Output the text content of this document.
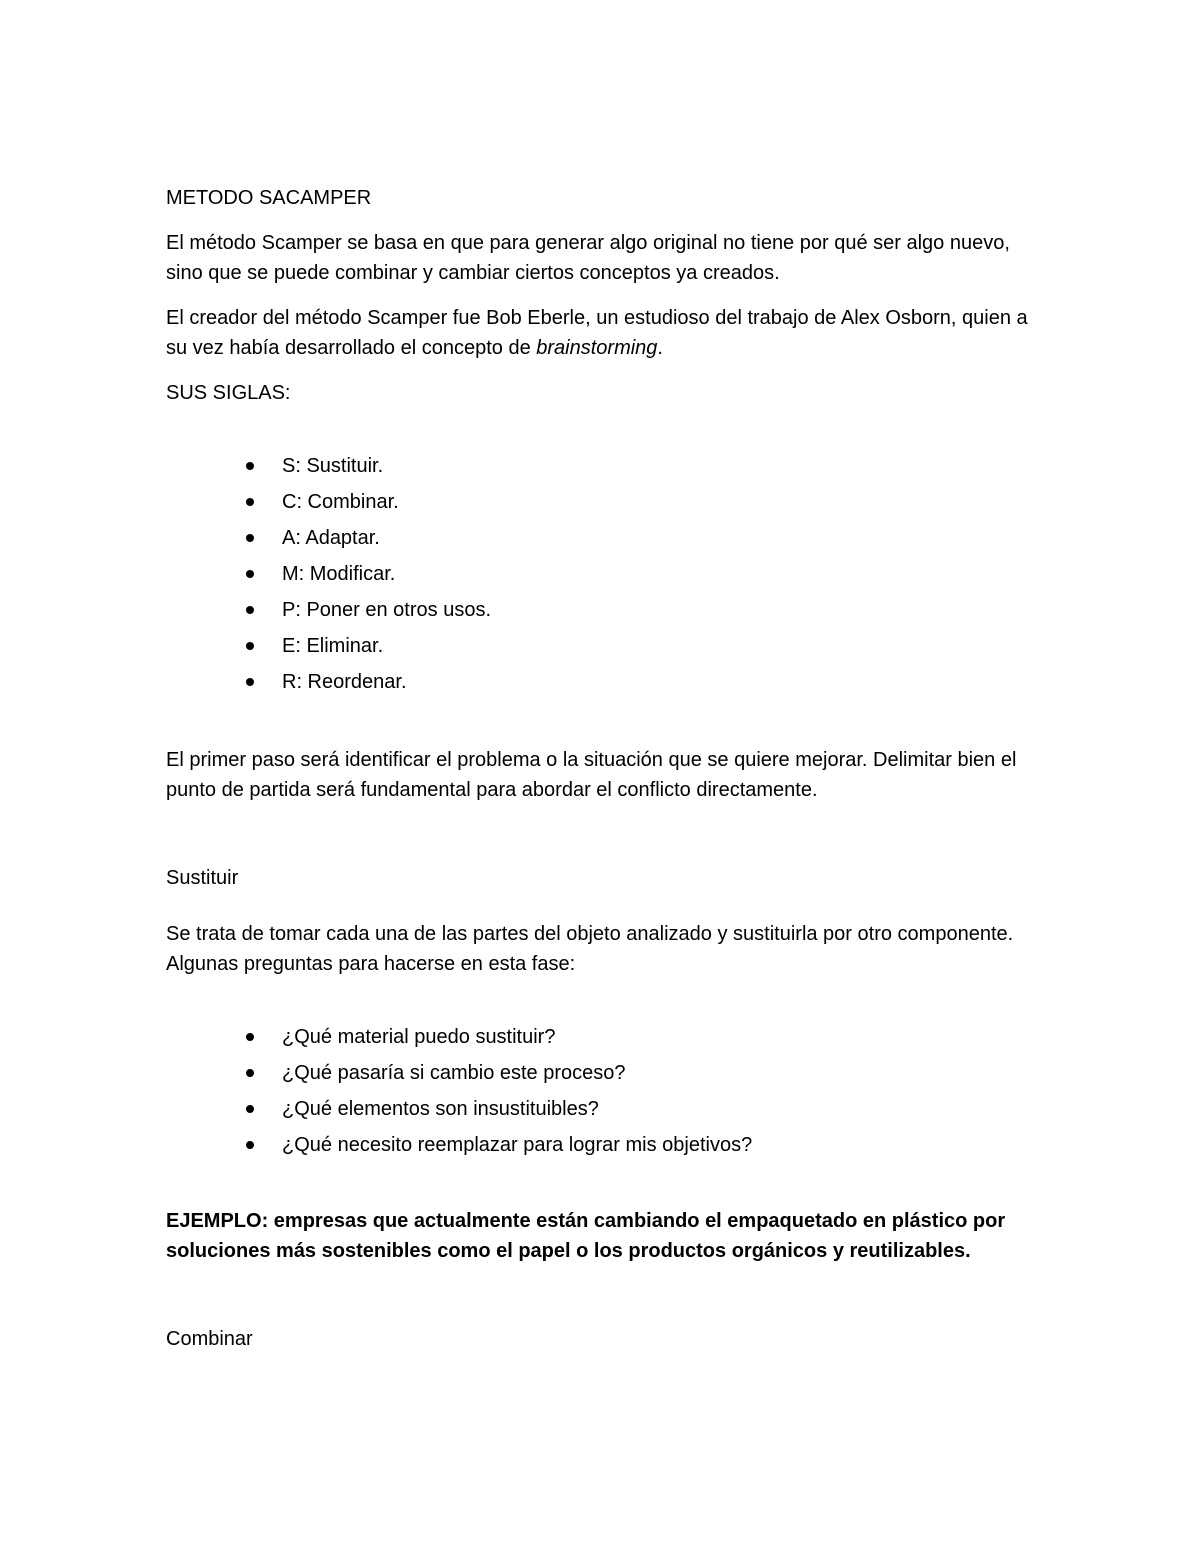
METODO SACAMPER

El método Scamper se basa en que para generar algo original no tiene por qué ser algo nuevo, sino que se puede combinar y cambiar ciertos conceptos ya creados.

El creador del método Scamper fue Bob Eberle, un estudioso del trabajo de Alex Osborn, quien a su vez había desarrollado el concepto de brainstorming.

SUS SIGLAS:

S: Sustituir.
C: Combinar.
A: Adaptar.
M: Modificar.
P: Poner en otros usos.
E: Eliminar.
R: Reordenar.

El primer paso será identificar el problema o la situación que se quiere mejorar. Delimitar bien el punto de partida será fundamental para abordar el conflicto directamente.

Sustituir

Se trata de tomar cada una de las partes del objeto analizado y sustituirla por otro componente. Algunas preguntas para hacerse en esta fase:

¿Qué material puedo sustituir?
¿Qué pasaría si cambio este proceso?
¿Qué elementos son insustituibles?
¿Qué necesito reemplazar para lograr mis objetivos?

EJEMPLO: empresas que actualmente están cambiando el empaquetado en plástico por soluciones más sostenibles como el papel o los productos orgánicos y reutilizables.

Combinar
